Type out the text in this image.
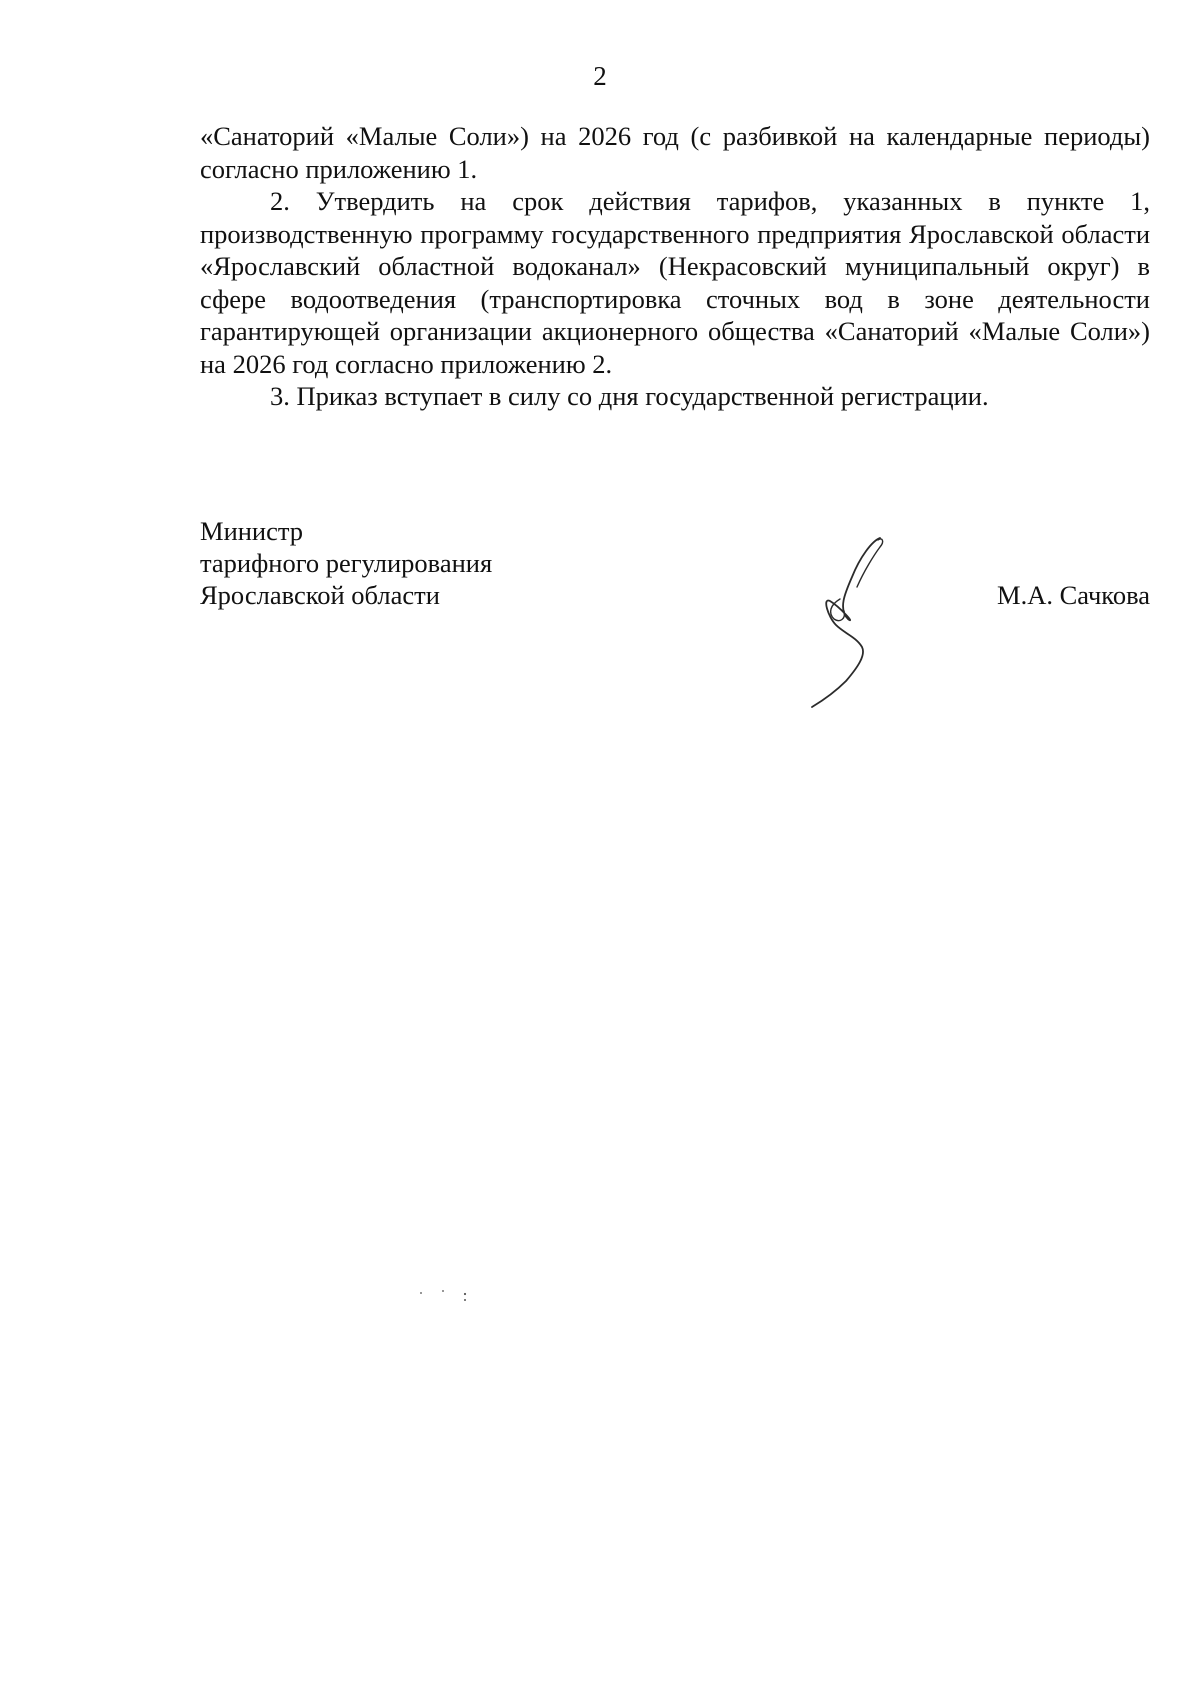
2

«Санаторий «Малые Соли») на 2026 год (с разбивкой на календарные периоды) согласно приложению 1.

2. Утвердить на срок действия тарифов, указанных в пункте 1, производственную программу государственного предприятия Ярославской области «Ярославский областной водоканал» (Некрасовский муниципальный округ) в сфере водоотведения (транспортировка сточных вод в зоне деятельности гарантирующей организации акционерного общества «Санаторий «Малые Соли») на 2026 год согласно приложению 2.

3. Приказ вступает в силу со дня государственной регистрации.

Министр
тарифного регулирования
Ярославской области	М.А. Сачкова
